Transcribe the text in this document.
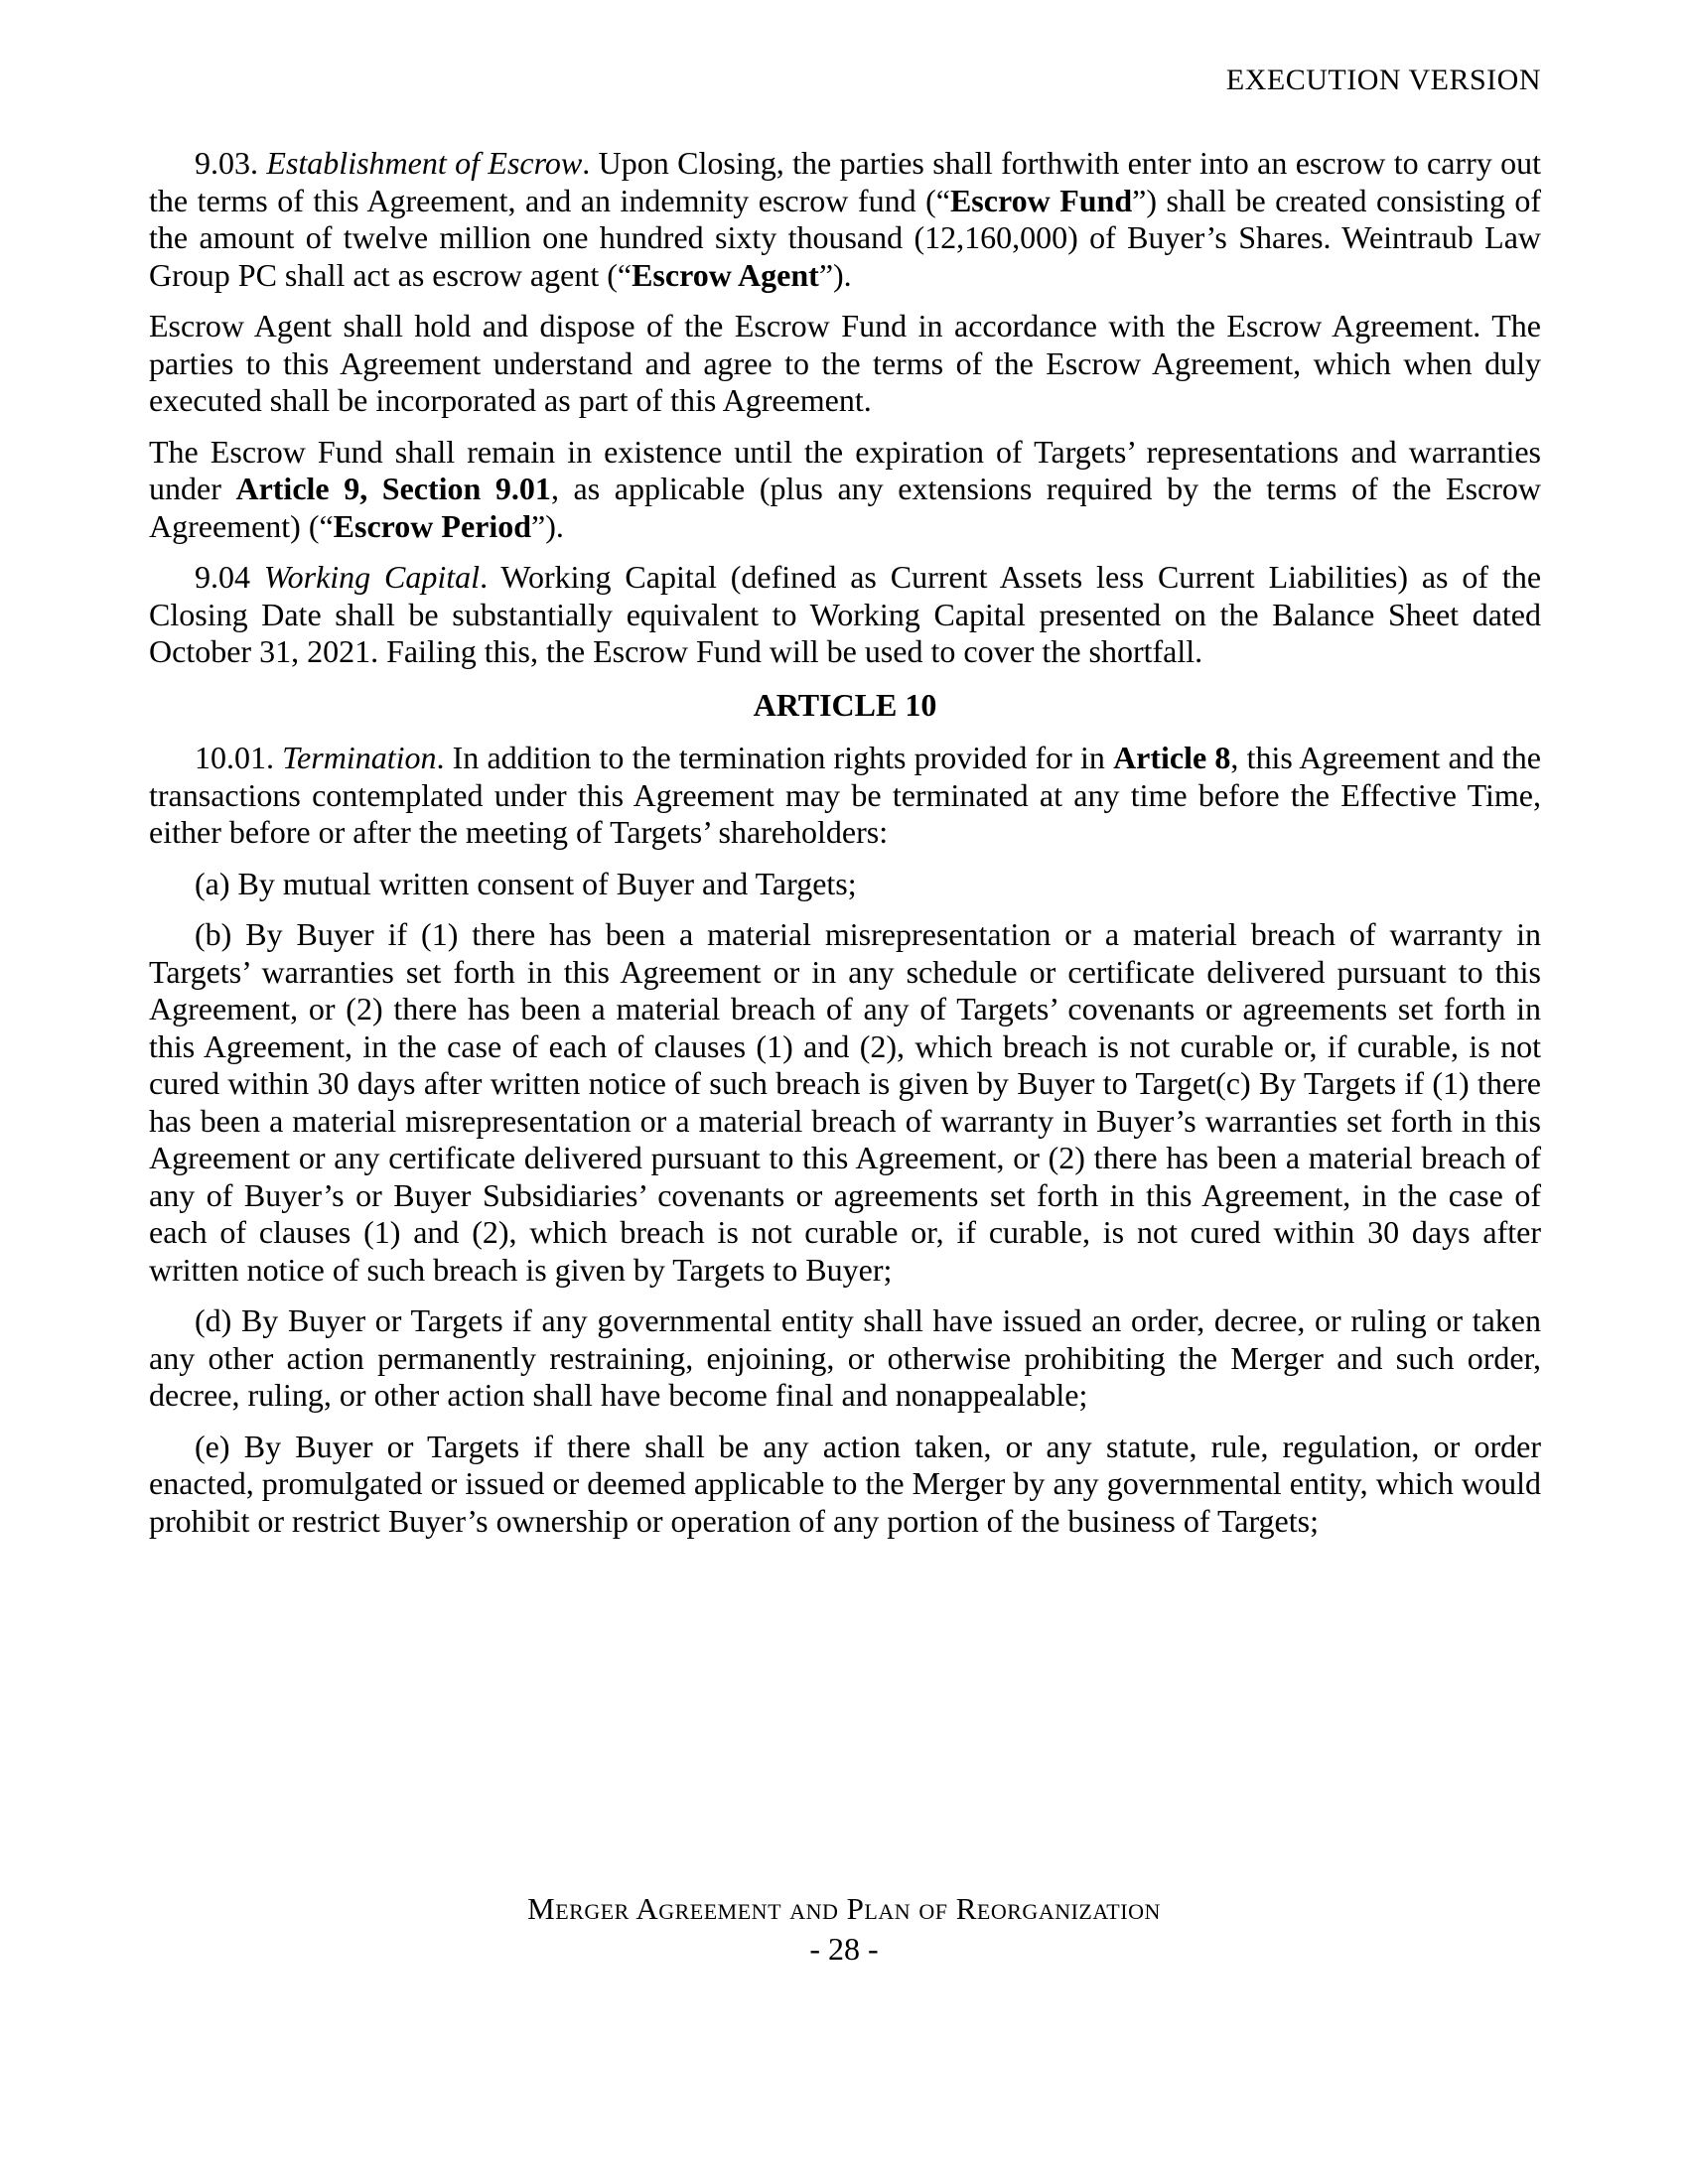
EXECUTION VERSION

9.03. Establishment of Escrow. Upon Closing, the parties shall forthwith enter into an escrow to carry out the terms of this Agreement, and an indemnity escrow fund (“Escrow Fund”) shall be created consisting of the amount of twelve million one hundred sixty thousand (12,160,000) of Buyer’s Shares. Weintraub Law Group PC shall act as escrow agent (“Escrow Agent”).

Escrow Agent shall hold and dispose of the Escrow Fund in accordance with the Escrow Agreement. The parties to this Agreement understand and agree to the terms of the Escrow Agreement, which when duly executed shall be incorporated as part of this Agreement.

The Escrow Fund shall remain in existence until the expiration of Targets’ representations and warranties under Article 9, Section 9.01, as applicable (plus any extensions required by the terms of the Escrow Agreement) (“Escrow Period”).

9.04 Working Capital. Working Capital (defined as Current Assets less Current Liabilities) as of the Closing Date shall be substantially equivalent to Working Capital presented on the Balance Sheet dated October 31, 2021. Failing this, the Escrow Fund will be used to cover the shortfall.

ARTICLE 10

10.01. Termination. In addition to the termination rights provided for in Article 8, this Agreement and the transactions contemplated under this Agreement may be terminated at any time before the Effective Time, either before or after the meeting of Targets’ shareholders:

(a) By mutual written consent of Buyer and Targets;

(b) By Buyer if (1) there has been a material misrepresentation or a material breach of warranty in Targets’ warranties set forth in this Agreement or in any schedule or certificate delivered pursuant to this Agreement, or (2) there has been a material breach of any of Targets’ covenants or agreements set forth in this Agreement, in the case of each of clauses (1) and (2), which breach is not curable or, if curable, is not cured within 30 days after written notice of such breach is given by Buyer to Target(c) By Targets if (1) there has been a material misrepresentation or a material breach of warranty in Buyer’s warranties set forth in this Agreement or any certificate delivered pursuant to this Agreement, or (2) there has been a material breach of any of Buyer’s or Buyer Subsidiaries’ covenants or agreements set forth in this Agreement, in the case of each of clauses (1) and (2), which breach is not curable or, if curable, is not cured within 30 days after written notice of such breach is given by Targets to Buyer;

(d) By Buyer or Targets if any governmental entity shall have issued an order, decree, or ruling or taken any other action permanently restraining, enjoining, or otherwise prohibiting the Merger and such order, decree, ruling, or other action shall have become final and nonappealable;

(e) By Buyer or Targets if there shall be any action taken, or any statute, rule, regulation, or order enacted, promulgated or issued or deemed applicable to the Merger by any governmental entity, which would prohibit or restrict Buyer’s ownership or operation of any portion of the business of Targets;

Merger Agreement and Plan of Reorganization
- 28 -
